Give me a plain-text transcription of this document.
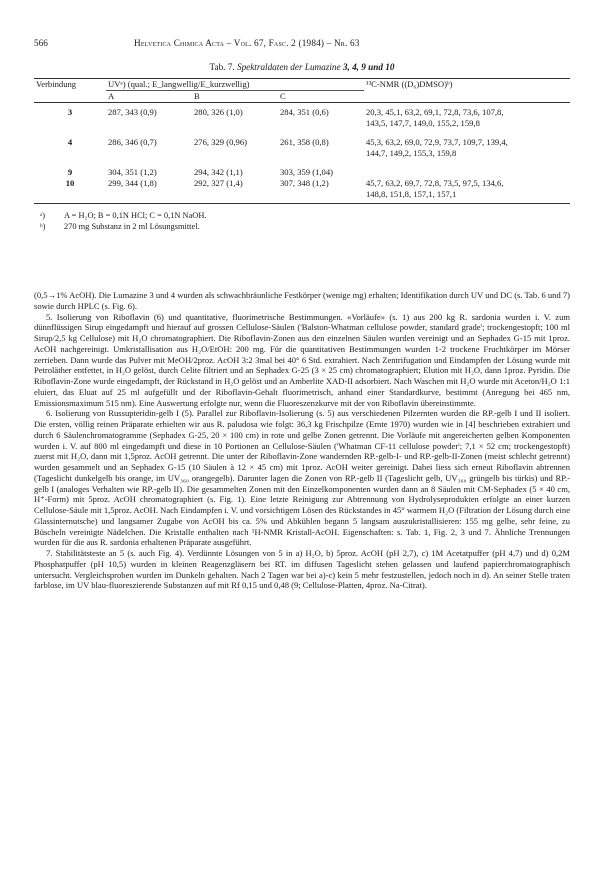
566	Helvetica Chimica Acta – Vol. 67, Fasc. 2 (1984) – Nr. 63
Tab. 7. Spektraldaten der Lumazine 3, 4, 9 und 10
Verbindung	UVᵃ) (qual.; E_langwellig/E_kurzwellig)			¹³C-NMR ((D₆)DMSO)ᵇ)
	A	B	C	

3	287, 343 (0,9)	280, 326 (1,0)	284, 351 (0,6)	20,3, 45,1, 63,2, 69,1, 72,8, 73,6, 107,8,
143,5, 147,7, 149,0, 155,2, 159,8

4	286, 346 (0,7)	276, 329 (0,96)	261, 358 (0,8)	45,3, 63,2, 69,0, 72,9, 73,7, 109,7, 139,4,
144,7, 149,2, 155,3, 159,8

9	304, 351 (1,2)	294, 342 (1,1)	303, 359 (1,04)	
10	299, 344 (1,8)	292, 327 (1,4)	307, 348 (1,2)	45,7, 63,2, 69,7, 72,8, 73,5, 97,5, 134,6,
148,8, 151,8, 157,1, 157,1
ᵃ) A = H₂O; B = 0,1N HCl; C = 0,1N NaOH.
ᵇ) 270 mg Substanz in 2 ml Lösungsmittel.

(0,5→1% AcOH). Die Lumazine 3 und 4 wurden als schwachbräunliche Festkörper (wenige mg) erhalten; Identifikation durch UV und DC (s. Tab. 6 und 7) sowie durch HPLC (s. Fig. 6).

5. Isolierung von Riboflavin (6) und quantitative, fluorimetrische Bestimmungen. «Vorläufe» (s. 1) aus 200 kg R. sardonia wurden i. V. zum dünnflüssigen Sirup eingedampft und hierauf auf grossen Cellulose-Säulen ('Balston-Whatman cellulose powder, standard grade'; trockengestopft; 100 ml Sirup/2,5 kg Cellulose) mit H₂O chromatographiert. Die Riboflavin-Zonen aus den einzelnen Säulen wurden vereinigt und an Sephadex G-15 mit 1proz. AcOH nachgereinigt. Umkristallisation aus H₂O/EtOH: 200 mg. Für die quantitativen Bestimmungen wurden 1-2 trockene Fruchtkörper im Mörser zerrieben. Dann wurde das Pulver mit MeOH/2proz. AcOH 3:2 3mal bei 40° 6 Std. extrahiert. Nach Zentrifugation und Eindampfen der Lösung wurde mit Petroläther entfettet, in H₂O gelöst, durch Celite filtriert und an Sephadex G-25 (3 × 25 cm) chromatographiert; Elution mit H₂O, dann 1proz. Pyridin. Die Riboflavin-Zone wurde eingedampft, der Rückstand in H₂O gelöst und an Amberlite XAD-II adsorbiert. Nach Waschen mit H₂O wurde mit Aceton/H₂O 1:1 eluiert, das Eluat auf 25 ml aufgefüllt und der Riboflavin-Gehalt fluorimetrisch, anhand einer Standardkurve, bestimmt (Anregung bei 465 nm, Emissionsmaximum 515 nm). Eine Auswertung erfolgte nur, wenn die Fluoreszenzkurve mit der von Riboflavin übereinstimmte.

6. Isolierung von Russupteridin-gelb I (5). Parallel zur Riboflavin-Isolierung (s. 5) aus verschiedenen Pilzernten wurden die RP.-gelb I und II isoliert. Die ersten, völlig reinen Präparate erhielten wir aus R. paludosa wie folgt: 36,3 kg Frischpilze (Ernte 1970) wurden wie in [4] beschrieben extrahiert und durch 6 Säulenchromatogramme (Sephadex G-25, 20 × 100 cm) in rote und gelbe Zonen getrennt. Die Vorläufe mit angereicherten gelben Komponenten wurden i. V. auf 800 ml eingedampft und diese in 10 Portionen an Cellulose-Säulen ('Whatman CF-11 cellulose powder'; 7,1 × 52 cm; trockengestopft) zuerst mit H₂O, dann mit 1,5proz. AcOH getrennt. Die unter der Riboflavin-Zone wandernden RP.-gelb-I- und RP.-gelb-II-Zonen (meist schlecht getrennt) wurden gesammelt und an Sephadex G-15 (10 Säulen à 12 × 45 cm) mit 1proz. AcOH weiter gereinigt. Dabei liess sich erneut Riboflavin abtrennen (Tageslicht dunkelgelb bis orange, im UV₃₆₀ orangegelb). Darunter lagen die Zonen von RP.-gelb II (Tageslicht gelb, UV₃₆₀ grüngelb bis türkis) und RP.-gelb I (analoges Verhalten wie RP.-gelb II). Die gesammelten Zonen mit den Einzelkomponenten wurden dann an 8 Säulen mit CM-Sephadex (5 × 40 cm, H⁺-Form) mit 5proz. AcOH chromatographiert (s. Fig. 1). Eine letzte Reinigung zur Abtrennung von Hydrolyseprodukten erfolgte an einer kurzen Cellulose-Säule mit 1,5proz. AcOH. Nach Eindampfen i. V. und vorsichtigem Lösen des Rückstandes in 45° warmem H₂O (Filtration der Lösung durch eine Glassinternutsche) und langsamer Zugabe von AcOH bis ca. 5% und Abkühlen begann 5 langsam auszukristallisieren: 155 mg gelbe, sehr feine, zu Büscheln vereinigte Nädelchen. Die Kristalle enthalten nach ¹H-NMR Kristall-AcOH. Eigenschaften: s. Tab. 1, Fig. 2, 3 und 7. Ähnliche Trennungen wurden für die aus R. sardonia erhaltenen Präparate ausgeführt.

7. Stabilitätsteste an 5 (s. auch Fig. 4). Verdünnte Lösungen von 5 in a) H₂O, b) 5proz. AcOH (pH 2,7), c) 1M Acetatpuffer (pH 4,7) und d) 0,2M Phosphatpuffer (pH 10,5) wurden in kleinen Reagenzgläsern bei RT. im diffusen Tageslicht stehen gelassen und laufend papierchromatographisch untersucht. Vergleichsproben wurden im Dunkeln gehalten. Nach 2 Tagen war bei a)-c) kein 5 mehr festzustellen, jedoch noch in d). An seiner Stelle traten farblose, im UV blau-fluoreszierende Substanzen auf mit Rf 0,15 und 0,48 (9; Cellulose-Platten, 4proz. Na-Citrat).
